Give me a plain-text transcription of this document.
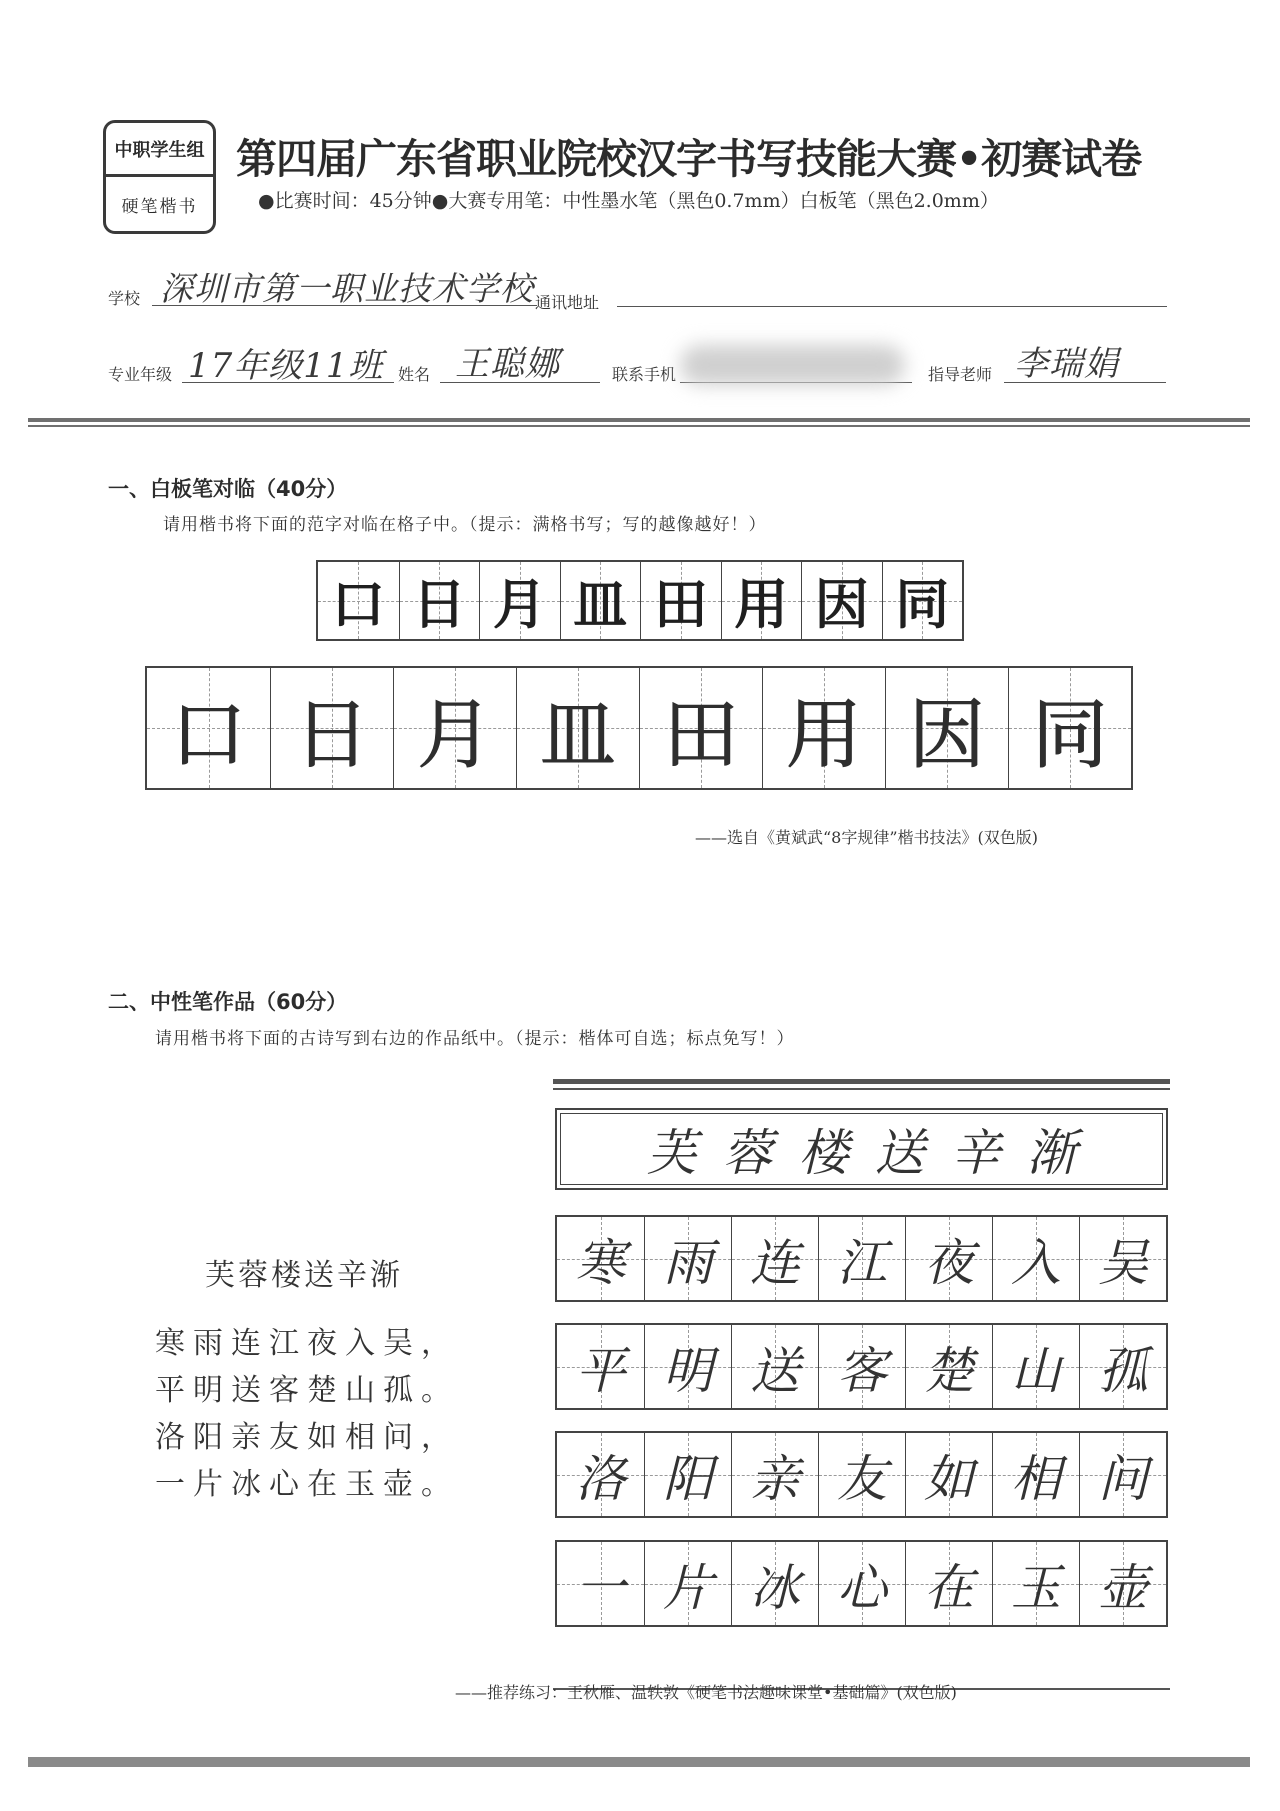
中职学生组
硬笔楷书
第四届广东省职业院校汉字书写技能大赛•初赛试卷
●比赛时间：45分钟●大赛专用笔：中性墨水笔（黑色0.7mm）白板笔（黑色2.0mm）
学校 深圳市第一职业技术学校 通讯地址
专业年级 17年级11班 姓名 王聪娜	联系手机	指导老师 李瑞娟
一、白板笔对临（40分）
请用楷书将下面的范字对临在格子中。（提示：满格书写；写的越像越好！）
口 日 月 皿 田 用 因 同
口 日 月 皿 田 用 因 同
——选自《黄斌武“8字规律”楷书技法》(双色版)
二、中性笔作品（60分）
请用楷书将下面的古诗写到右边的作品纸中。（提示：楷体可自选；标点免写！）
芙蓉楼送辛渐
寒雨连江夜入吴，
平明送客楚山孤。
洛阳亲友如相问，
一片冰心在玉壶。
芙蓉楼送辛渐
寒 雨 连 江 夜 入 吴
平 明 送 客 楚 山 孤
洛 阳 亲 友 如 相 问
一 片 冰 心 在 玉 壶
——推荐练习：王秋雁、温轶敦《硬笔书法趣味课堂•基础篇》(双色版)
